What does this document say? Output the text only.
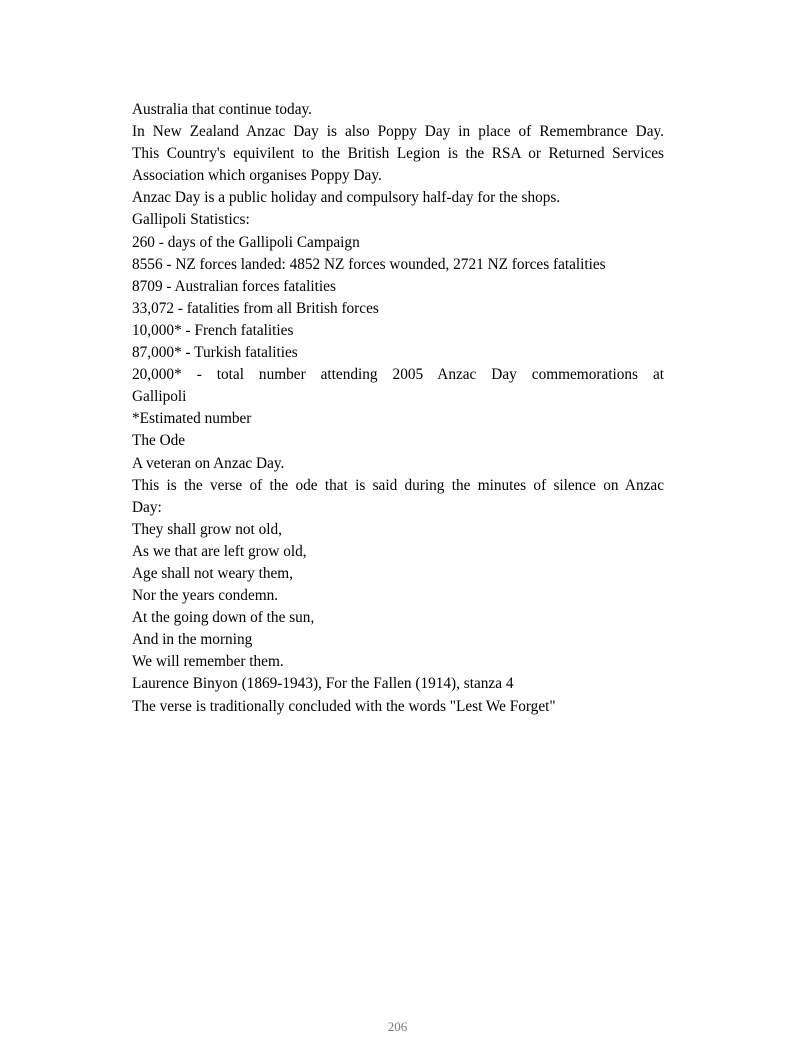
Australia that continue today.
In New Zealand Anzac Day is also Poppy Day in place of Remembrance Day.
This Country's equivilent to the British Legion is the RSA or Returned Services
Association which organises Poppy Day.
Anzac Day is a public holiday and compulsory half-day for the shops.
Gallipoli Statistics:
260 - days of the Gallipoli Campaign
8556 - NZ forces landed: 4852 NZ forces wounded, 2721 NZ forces fatalities
8709 - Australian forces fatalities
33,072 - fatalities from all British forces
10,000* - French fatalities
87,000* - Turkish fatalities
20,000* - total number attending 2005 Anzac Day commemorations at
Gallipoli
*Estimated number
The Ode
A veteran on Anzac Day.
This is the verse of the ode that is said during the minutes of silence on Anzac
Day:
They shall grow not old,
As we that are left grow old,
Age shall not weary them,
Nor the years condemn.
At the going down of the sun,
And in the morning
We will remember them.
Laurence Binyon (1869-1943), For the Fallen (1914), stanza 4
The verse is traditionally concluded with the words "Lest We Forget"
206
